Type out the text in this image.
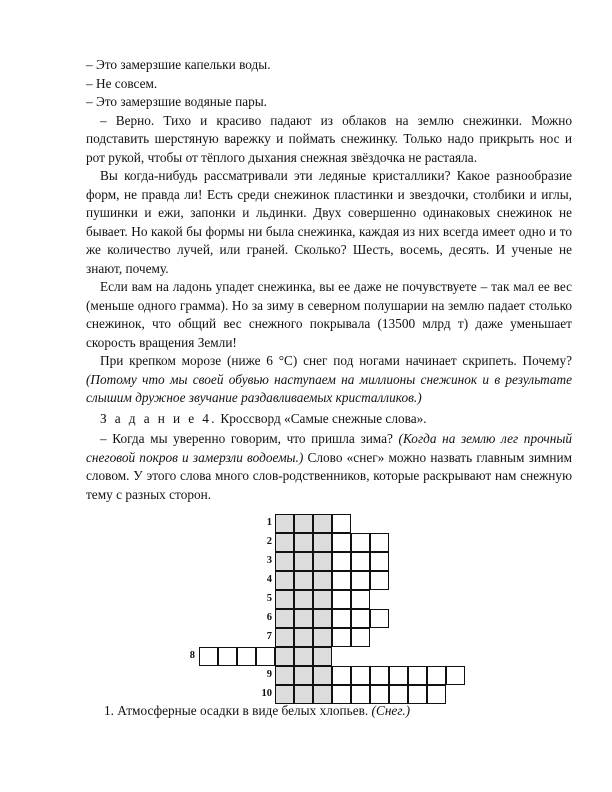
– Это замерзшие капельки воды.

– Не совсем.

– Это замерзшие водяные пары.

– Верно. Тихо и красиво падают из облаков на землю снежинки. Можно подставить шерстяную варежку и поймать снежинку. Только надо прикрыть нос и рот рукой, чтобы от тёплого дыхания снежная звёздочка не растаяла.

Вы когда-нибудь рассматривали эти ледяные кристаллики? Какое разнообразие форм, не правда ли! Есть среди снежинок пластинки и звездочки, столбики и иглы, пушинки и ежи, запонки и льдинки. Двух совершенно одинаковых снежинок не бывает. Но какой бы формы ни была снежинка, каждая из них всегда имеет одно и то же количество лучей, или граней. Сколько? Шесть, восемь, десять. И ученые не знают, почему.

Если вам на ладонь упадет снежинка, вы ее даже не почувствуете – так мал ее вес (меньше одного грамма). Но за зиму в северном полушарии на землю падает столько снежинок, что общий вес снежного покрывала (13500 млрд т) даже уменьшает скорость вращения Земли!

При крепком морозе (ниже 6 °С) снег под ногами начинает скрипеть. Почему? (Потому что мы своей обувью наступаем на миллионы снежинок и в результате слышим дружное звучание раздавливаемых кристалликов.)

З а д а н и е 4. Кроссворд «Самые снежные слова».

– Когда мы уверенно говорим, что пришла зима? (Когда на землю лег прочный снеговой покров и замерзли водоемы.) Слово «снег» можно назвать главным зимним словом. У этого слова много слов-родственников, которые раскрывают нам снежную тему с разных сторон.

1
2
3
4
5
6
7
8
9
10
1. Атмосферные осадки в виде белых хлопьев. (Снег.)
